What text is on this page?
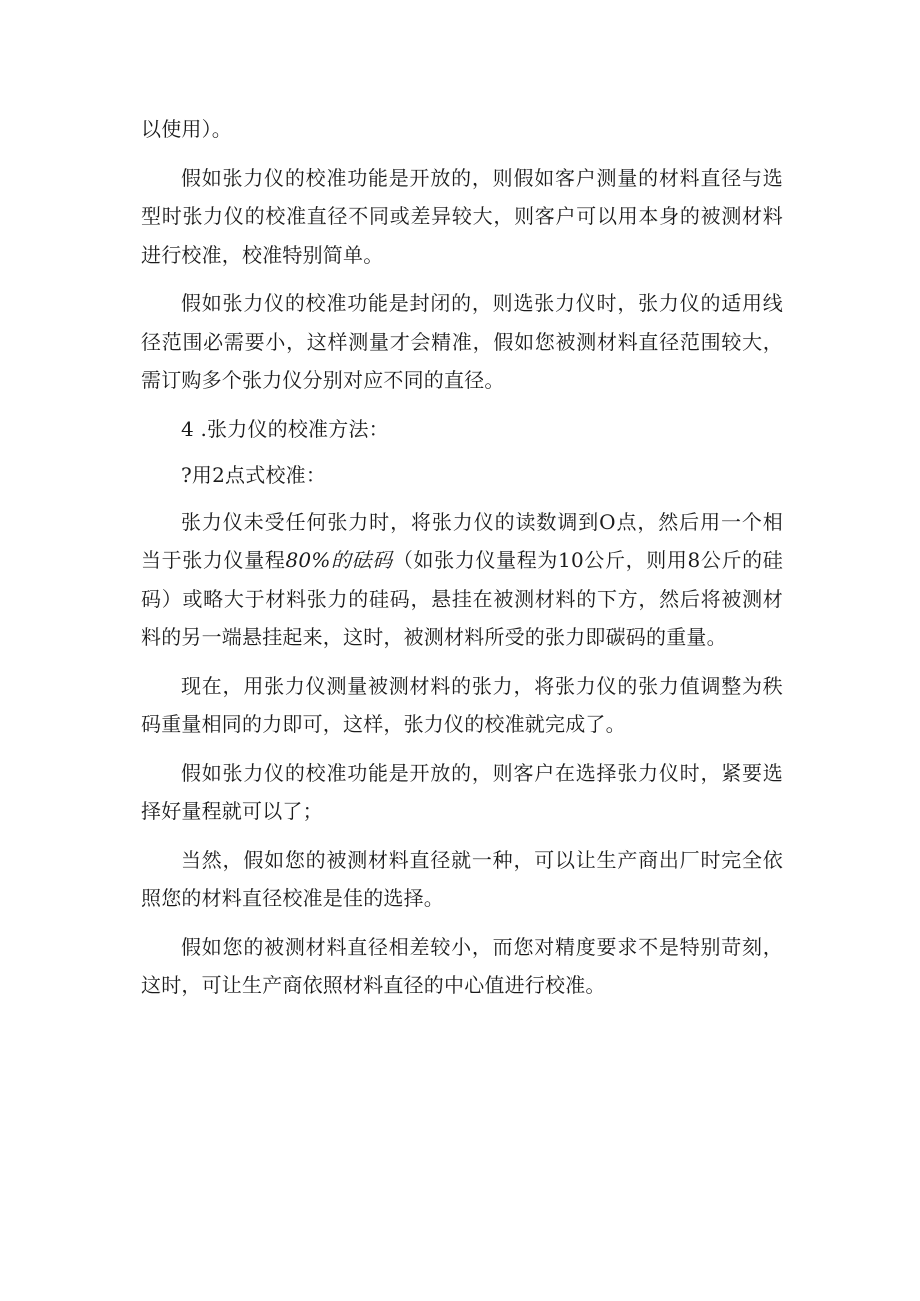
以使用）。

假如张力仪的校准功能是开放的，则假如客户测量的材料直径与选型时张力仪的校准直径不同或差异较大，则客户可以用本身的被测材料进行校准，校准特别简单。

假如张力仪的校准功能是封闭的，则选张力仪时，张力仪的适用线径范围必需要小，这样测量才会精准，假如您被测材料直径范围较大，需订购多个张力仪分别对应不同的直径。

4 .张力仪的校准方法：

?用2点式校准：

张力仪未受任何张力时，将张力仪的读数调到O点，然后用一个相当于张力仪量程80%的砝码（如张力仪量程为10公斤，则用8公斤的硅码）或略大于材料张力的硅码，悬挂在被测材料的下方，然后将被测材料的另一端悬挂起来，这时，被测材料所受的张力即碳码的重量。

现在，用张力仪测量被测材料的张力，将张力仪的张力值调整为秩码重量相同的力即可，这样，张力仪的校准就完成了。

假如张力仪的校准功能是开放的，则客户在选择张力仪时，紧要选择好量程就可以了；

当然，假如您的被测材料直径就一种，可以让生产商出厂时完全依照您的材料直径校准是佳的选择。

假如您的被测材料直径相差较小，而您对精度要求不是特别苛刻，这时，可让生产商依照材料直径的中心值进行校准。
